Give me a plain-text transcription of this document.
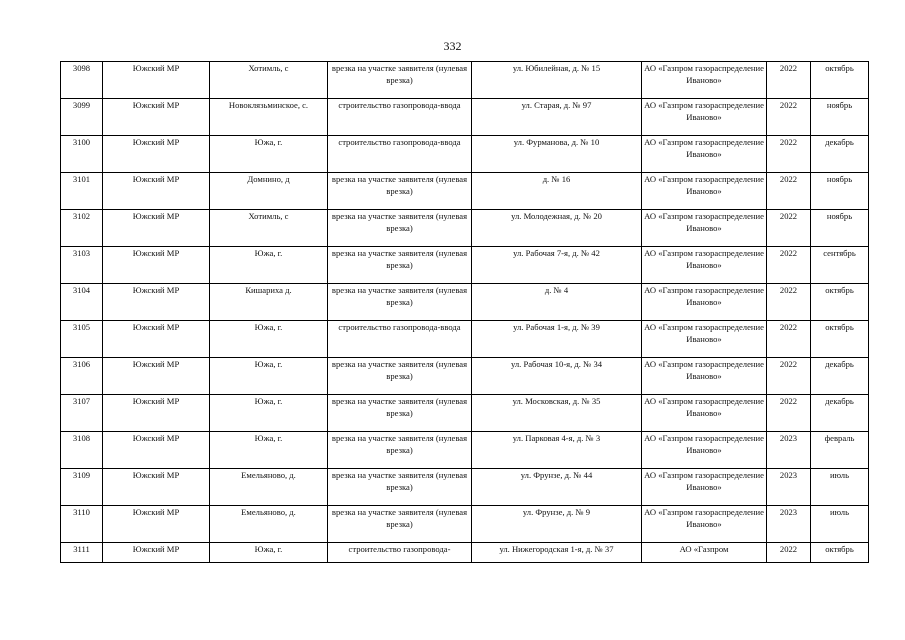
332
3098	Южский МР	Хотимль, с	врезка на участке заявителя (нулевая врезка)	ул. Юбилейная, д. № 15	АО «Газпром газораспределение Иваново»	2022	октябрь
3099	Южский МР	Новоклязьминское, с.	строительство газопровода-ввода	ул. Старая, д. № 97	АО «Газпром газораспределение Иваново»	2022	ноябрь
3100	Южский МР	Южа, г.	строительство газопровода-ввода	ул. Фурманова, д. № 10	АО «Газпром газораспределение Иваново»	2022	декабрь
3101	Южский МР	Домнино, д	врезка на участке заявителя (нулевая врезка)	д. № 16	АО «Газпром газораспределение Иваново»	2022	ноябрь
3102	Южский МР	Хотимль, с	врезка на участке заявителя (нулевая врезка)	ул. Молодежная, д. № 20	АО «Газпром газораспределение Иваново»	2022	ноябрь
3103	Южский МР	Южа, г.	врезка на участке заявителя (нулевая врезка)	ул. Рабочая 7-я, д. № 42	АО «Газпром газораспределение Иваново»	2022	сентябрь
3104	Южский МР	Кишариха д.	врезка на участке заявителя (нулевая врезка)	д. № 4	АО «Газпром газораспределение Иваново»	2022	октябрь
3105	Южский МР	Южа, г.	строительство газопровода-ввода	ул. Рабочая 1-я, д. № 39	АО «Газпром газораспределение Иваново»	2022	октябрь
3106	Южский МР	Южа, г.	врезка на участке заявителя (нулевая врезка)	ул. Рабочая 10-я, д. № 34	АО «Газпром газораспределение Иваново»	2022	декабрь
3107	Южский МР	Южа, г.	врезка на участке заявителя (нулевая врезка)	ул. Московская, д. № 35	АО «Газпром газораспределение Иваново»	2022	декабрь
3108	Южский МР	Южа, г.	врезка на участке заявителя (нулевая врезка)	ул. Парковая 4-я, д. № 3	АО «Газпром газораспределение Иваново»	2023	февраль
3109	Южский МР	Емельяново, д.	врезка на участке заявителя (нулевая врезка)	ул. Фрунзе, д. № 44	АО «Газпром газораспределение Иваново»	2023	июль
3110	Южский МР	Емельяново, д.	врезка на участке заявителя (нулевая врезка)	ул. Фрунзе, д. № 9	АО «Газпром газораспределение Иваново»	2023	июль
3111	Южский МР	Южа, г.	строительство газопровода-	ул. Нижегородская 1-я, д. № 37	АО «Газпром	2022	октябрь
